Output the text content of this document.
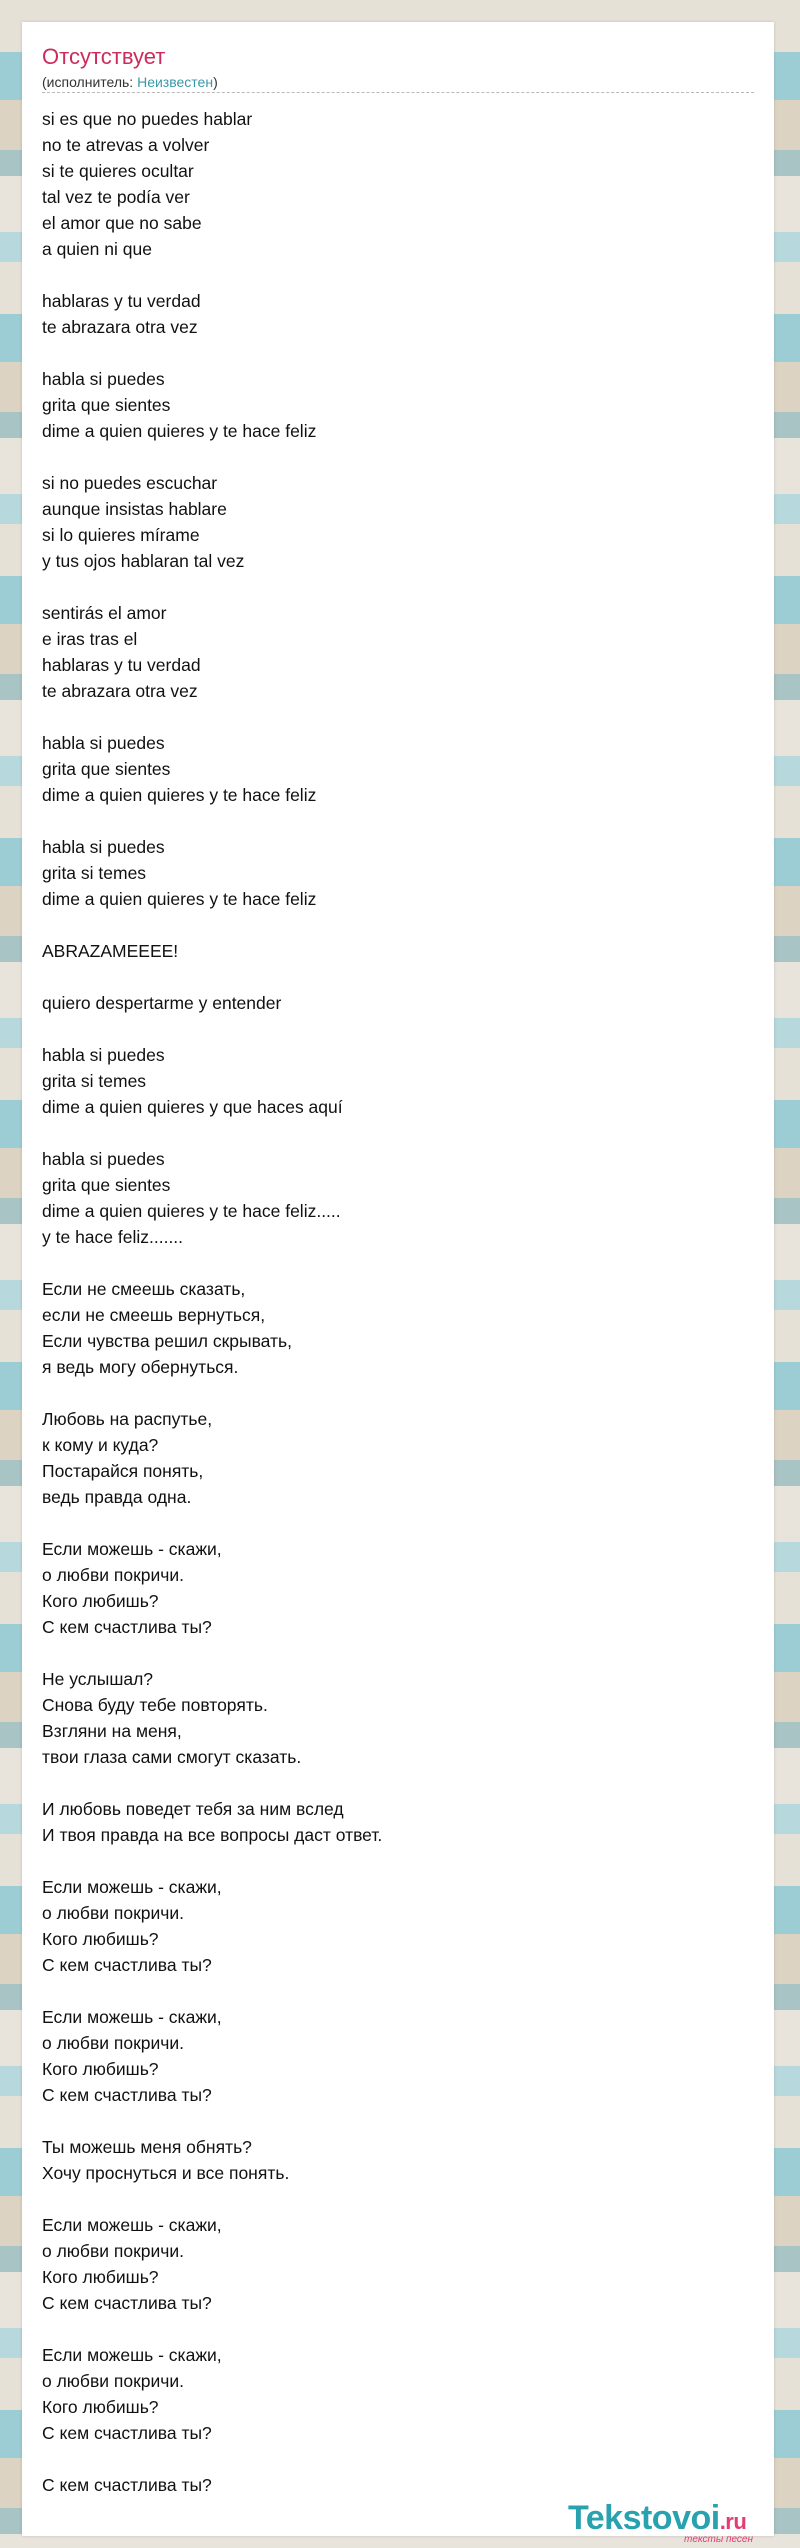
Отсутствует
(исполнитель: Неизвестен)
si es que no puedes hablar
no te atrevas a volver
si te quieres ocultar
tal vez te podía ver
el amor que no sabe
a quien ni que

hablaras y tu verdad
te abrazara otra vez

habla si puedes
grita que sientes
dime a quien quieres y te hace feliz

si no puedes escuchar
aunque insistas hablare
si lo quieres mírame
y tus ojos hablaran tal vez

sentirás el amor
e iras tras el
hablaras y tu verdad
te abrazara otra vez

habla si puedes
grita que sientes
dime a quien quieres y te hace feliz

habla si puedes
grita si temes
dime a quien quieres y te hace feliz

ABRAZAMEEEE!

quiero despertarme y entender

habla si puedes
grita si temes
dime a quien quieres y que haces aquí

habla si puedes
grita que sientes
dime a quien quieres y te hace feliz.....
y te hace feliz.......

Если не смеешь сказать,
если не смеешь вернуться,
Если чувства решил скрывать,
я ведь могу обернуться.

Любовь на распутье,
к кому и куда?
Постарайся понять,
ведь правда одна.

Если можешь - скажи,
о любви покричи.
Кого любишь?
С кем счастлива ты?

Не услышал?
Снова буду тебе повторять.
Взгляни на меня,
твои глаза сами смогут сказать.

И любовь поведет тебя за ним вслед
И твоя правда на все вопросы даст ответ.

Если можешь - скажи,
о любви покричи.
Кого любишь?
С кем счастлива ты?

Если можешь - скажи,
о любви покричи.
Кого любишь?
С кем счастлива ты?

Ты можешь меня обнять?
Хочу проснуться и все понять.

Если можешь - скажи,
о любви покричи.
Кого любишь?
С кем счастлива ты?

Если можешь - скажи,
о любви покричи.
Кого любишь?
С кем счастлива ты?

С кем счастлива ты?
Tekstovoi.ru
тексты песен
